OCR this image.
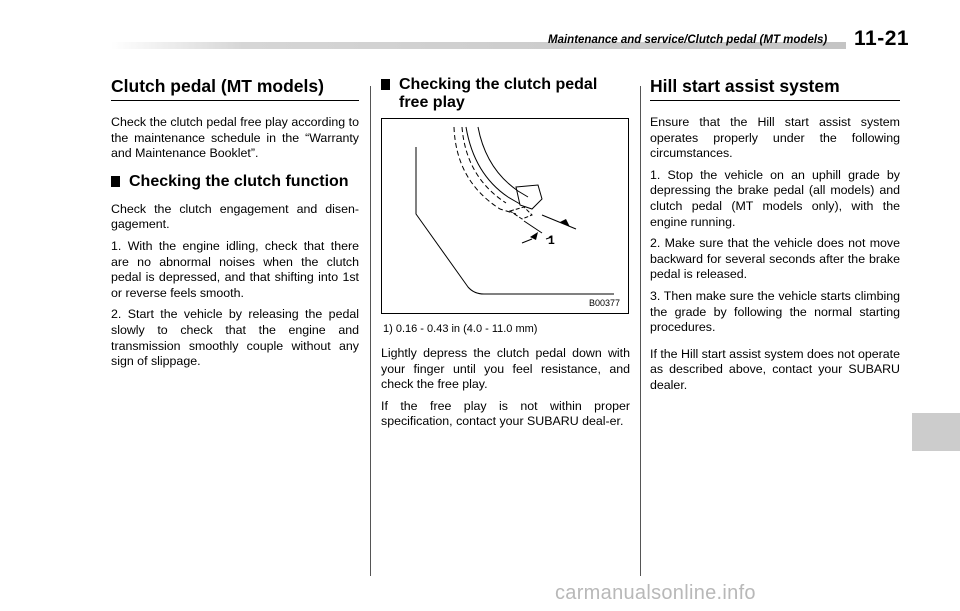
Maintenance and service/Clutch pedal (MT models) 11-21
Clutch pedal (MT models)

Check the clutch pedal free play according to the maintenance schedule in the “Warranty and Maintenance Booklet”.

Checking the clutch function

Check the clutch engagement and disen-gagement.

1. With the engine idling, check that there are no abnormal noises when the clutch pedal is depressed, and that shifting into 1st or reverse feels smooth.

2. Start the vehicle by releasing the pedal slowly to check that the engine and transmission smoothly couple without any sign of slippage.

Checking the clutch pedal free play
1
B00377
1) 0.16 - 0.43 in (4.0 - 11.0 mm)

Lightly depress the clutch pedal down with your finger until you feel resistance, and check the free play.

If the free play is not within proper specification, contact your SUBARU deal-er.

Hill start assist system

Ensure that the Hill start assist system operates properly under the following circumstances.

1. Stop the vehicle on an uphill grade by depressing the brake pedal (all models) and clutch pedal (MT models only), with the engine running.

2. Make sure that the vehicle does not move backward for several seconds after the brake pedal is released.

3. Then make sure the vehicle starts climbing the grade by following the normal starting procedures.

If the Hill start assist system does not operate as described above, contact your SUBARU dealer.

carmanualsonline.info
